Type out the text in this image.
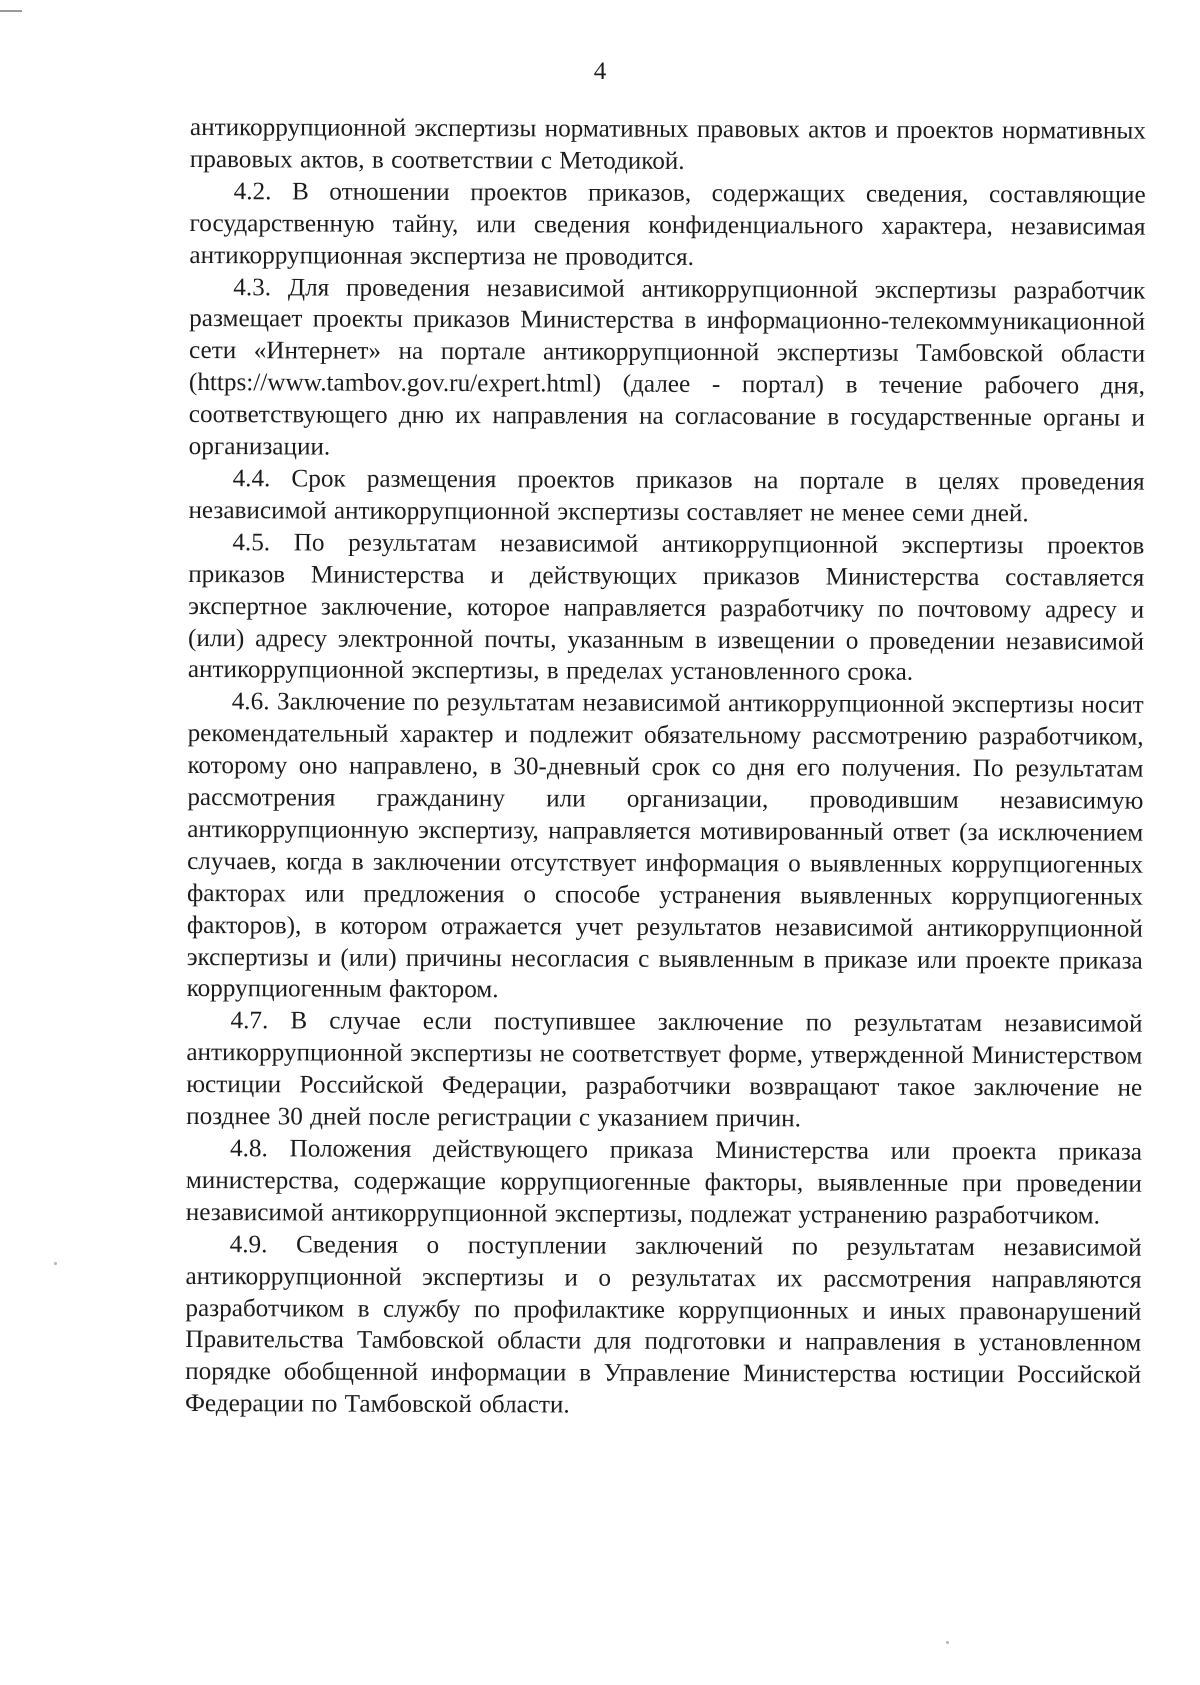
4

антикоррупционной экспертизы нормативных правовых актов и проектов нормативных правовых актов, в соответствии с Методикой.

4.2. В отношении проектов приказов, содержащих сведения, составляющие государственную тайну, или сведения конфиденциального характера, независимая антикоррупционная экспертиза не проводится.

4.3. Для проведения независимой антикоррупционной экспертизы разработчик размещает проекты приказов Министерства в информационно-телекоммуникационной сети «Интернет» на портале антикоррупционной экспертизы Тамбовской области (https://www.tambov.gov.ru/expert.html) (далее - портал) в течение рабочего дня, соответствующего дню их направления на согласование в государственные органы и организации.

4.4. Срок размещения проектов приказов на портале в целях проведения независимой антикоррупционной экспертизы составляет не менее семи дней.

4.5. По результатам независимой антикоррупционной экспертизы проектов приказов Министерства и действующих приказов Министерства составляется экспертное заключение, которое направляется разработчику по почтовому адресу и (или) адресу электронной почты, указанным в извещении о проведении независимой антикоррупционной экспертизы, в пределах установленного срока.

4.6. Заключение по результатам независимой антикоррупционной экспертизы носит рекомендательный характер и подлежит обязательному рассмотрению разработчиком, которому оно направлено, в 30-дневный срок со дня его получения. По результатам рассмотрения гражданину или организации, проводившим независимую антикоррупционную экспертизу, направляется мотивированный ответ (за исключением случаев, когда в заключении отсутствует информация о выявленных коррупциогенных факторах или предложения о способе устранения выявленных коррупциогенных факторов), в котором отражается учет результатов независимой антикоррупционной экспертизы и (или) причины несогласия с выявленным в приказе или проекте приказа коррупциогенным фактором.

4.7. В случае если поступившее заключение по результатам независимой антикоррупционной экспертизы не соответствует форме, утвержденной Министерством юстиции Российской Федерации, разработчики возвращают такое заключение не позднее 30 дней после регистрации с указанием причин.

4.8. Положения действующего приказа Министерства или проекта приказа министерства, содержащие коррупциогенные факторы, выявленные при проведении независимой антикоррупционной экспертизы, подлежат устранению разработчиком.

4.9. Сведения о поступлении заключений по результатам независимой антикоррупционной экспертизы и о результатах их рассмотрения направляются разработчиком в службу по профилактике коррупционных и иных правонарушений Правительства Тамбовской области для подготовки и направления в установленном порядке обобщенной информации в Управление Министерства юстиции Российской Федерации по Тамбовской области.
